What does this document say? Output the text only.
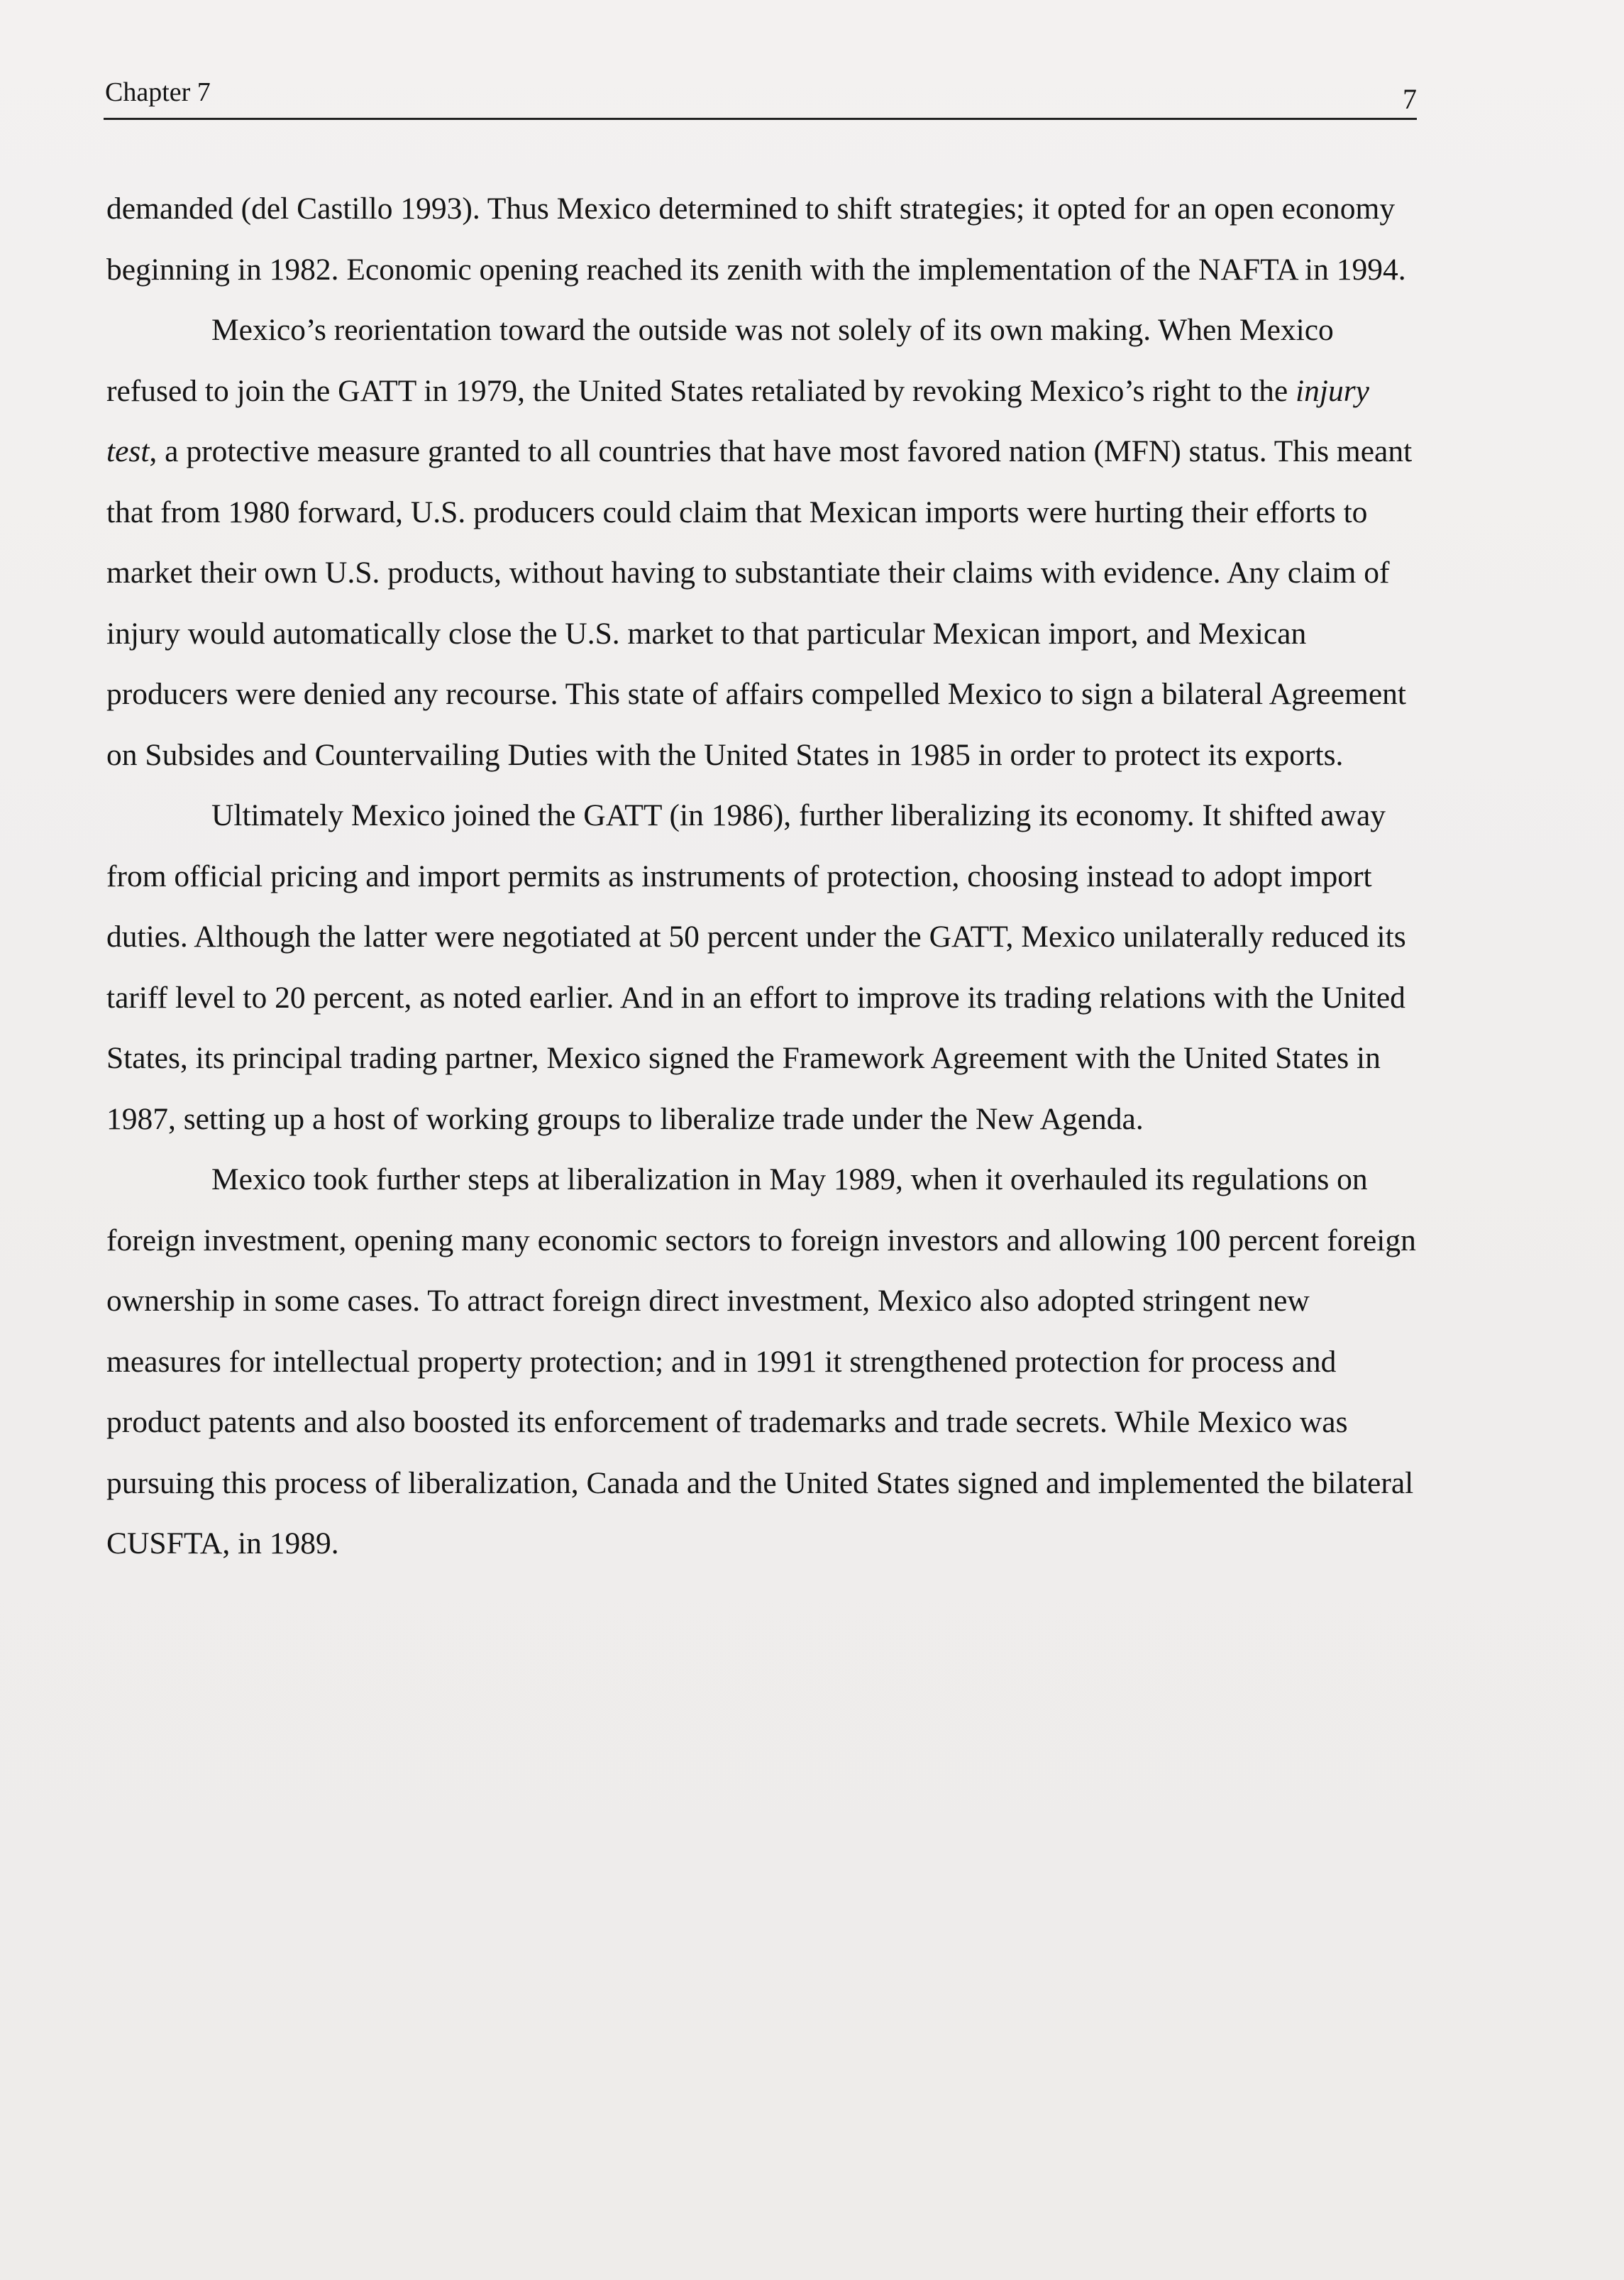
Chapter 7	7

demanded (del Castillo 1993). Thus Mexico determined to shift strategies; it opted for an open economy beginning in 1982. Economic opening reached its zenith with the implementation of the NAFTA in 1994.

Mexico’s reorientation toward the outside was not solely of its own making. When Mexico refused to join the GATT in 1979, the United States retaliated by revoking Mexico’s right to the injury test, a protective measure granted to all countries that have most favored nation (MFN) status. This meant that from 1980 forward, U.S. producers could claim that Mexican imports were hurting their efforts to market their own U.S. products, without having to substantiate their claims with evidence. Any claim of injury would automatically close the U.S. market to that particular Mexican import, and Mexican producers were denied any recourse. This state of affairs compelled Mexico to sign a bilateral Agreement on Subsides and Countervailing Duties with the United States in 1985 in order to protect its exports.

Ultimately Mexico joined the GATT (in 1986), further liberalizing its economy. It shifted away from official pricing and import permits as instruments of protection, choosing instead to adopt import duties. Although the latter were negotiated at 50 percent under the GATT, Mexico unilaterally reduced its tariff level to 20 percent, as noted earlier. And in an effort to improve its trading relations with the United States, its principal trading partner, Mexico signed the Framework Agreement with the United States in 1987, setting up a host of working groups to liberalize trade under the New Agenda.

Mexico took further steps at liberalization in May 1989, when it overhauled its regulations on foreign investment, opening many economic sectors to foreign investors and allowing 100 percent foreign ownership in some cases. To attract foreign direct investment, Mexico also adopted stringent new measures for intellectual property protection; and in 1991 it strengthened protection for process and product patents and also boosted its enforcement of trademarks and trade secrets. While Mexico was pursuing this process of liberalization, Canada and the United States signed and implemented the bilateral CUSFTA, in 1989.
